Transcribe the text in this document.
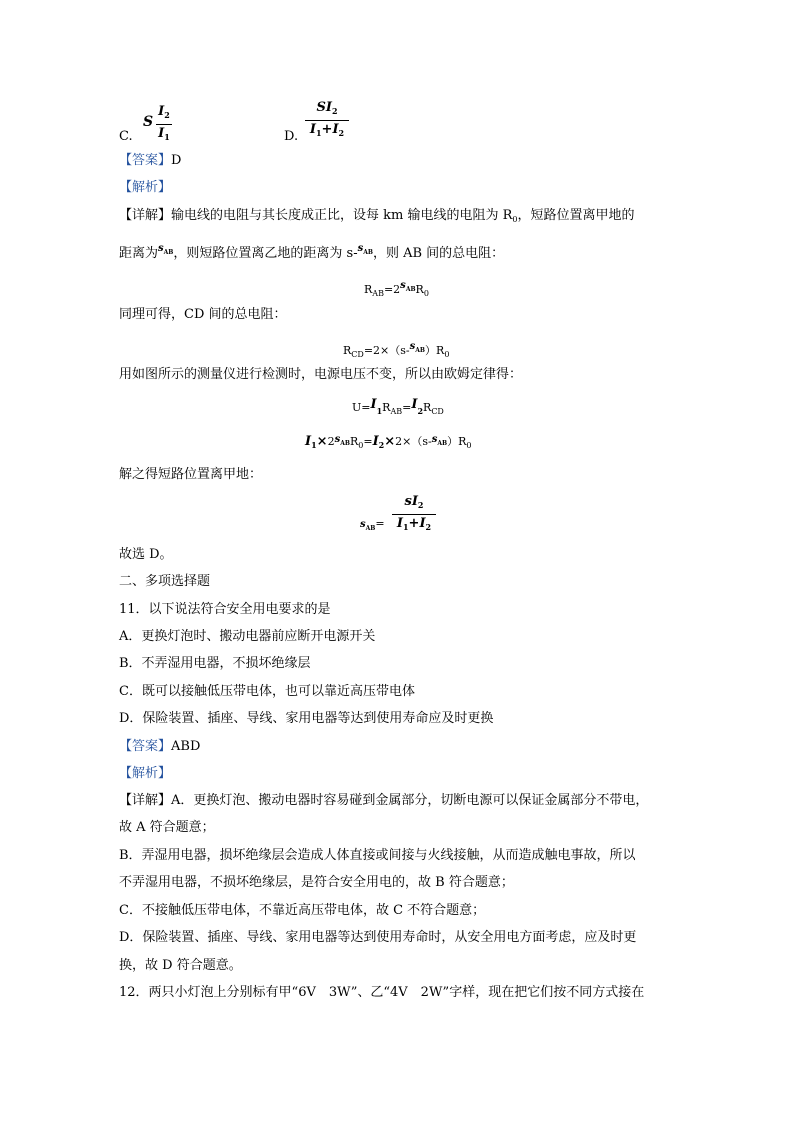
C.
S
$I_2$
$I_1$	D.
$SI_2$
$I_1+I_2$
【答案】D
【解析】
【详解】输电线的电阻与其长度成正比，设每 km 输电线的电阻为 $R_0$，短路位置离甲地的
距离为$^{s_{AB}}$，则短路位置离乙地的距离为 s-$^{s_{AB}}$，则 AB 间的总电阻：
$R_{AB}=2s_{AB}R_0$
同理可得，CD 间的总电阻：
$R_{CD}=2\times(s-s_{AB})R_0$
用如图所示的测量仪进行检测时，电源电压不变，所以由欧姆定律得：
$U=I_1R_{AB}=I_2R_{CD}$
$I_1\times 2s_{AB}R_0=I_2\times 2\times(s-s_{AB})R_0$
解之得短路位置离甲地：
$s_{AB}=$
$sI_2$
$I_1+I_2$
故选 D。
二、多项选择题
11．以下说法符合安全用电要求的是
A．更换灯泡时、搬动电器前应断开电源开关
B．不弄湿用电器，不损坏绝缘层
C．既可以接触低压带电体，也可以靠近高压带电体
D．保险装置、插座、导线、家用电器等达到使用寿命应及时更换
【答案】ABD
【解析】
【详解】A．更换灯泡、搬动电器时容易碰到金属部分，切断电源可以保证金属部分不带电，
故 A 符合题意；
B．弄湿用电器，损坏绝缘层会造成人体直接或间接与火线接触，从而造成触电事故，所以
不弄湿用电器，不损坏绝缘层，是符合安全用电的，故 B 符合题意；
C．不接触低压带电体，不靠近高压带电体，故 C 不符合题意；
D．保险装置、插座、导线、家用电器等达到使用寿命时，从安全用电方面考虑，应及时更
换，故 D 符合题意。
12．两只小灯泡上分别标有甲“6V　3W”、乙“4V　2W”字样，现在把它们按不同方式接在
